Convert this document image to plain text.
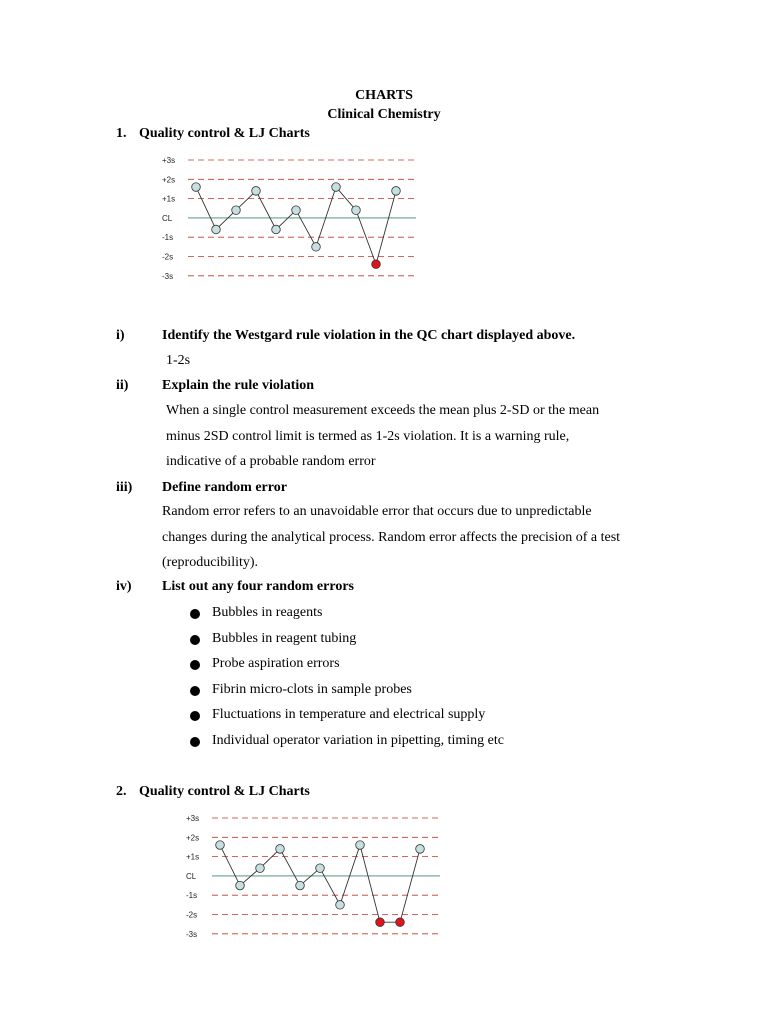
CHARTS
Clinical Chemistry
1. Quality control & LJ Charts
+3s
+2s
+1s
CL
-1s
-2s
-3s
i)	Identify the Westgard rule violation in the QC chart displayed above.
1-2s
ii) Explain the rule violation
When a single control measurement exceeds the mean plus 2-SD or the mean
minus 2SD control limit is termed as 1-2s violation. It is a warning rule,
indicative of a probable random error
iii) Define random error
Random error refers to an unavoidable error that occurs due to unpredictable
changes during the analytical process. Random error affects the precision of a test
(reproducibility).
iv) List out any four random errors
Bubbles in reagents
Bubbles in reagent tubing
Probe aspiration errors
Fibrin micro-clots in sample probes
Fluctuations in temperature and electrical supply
Individual operator variation in pipetting, timing etc
2. Quality control & LJ Charts
+3s
+2s
+1s
CL
-1s
-2s
-3s
